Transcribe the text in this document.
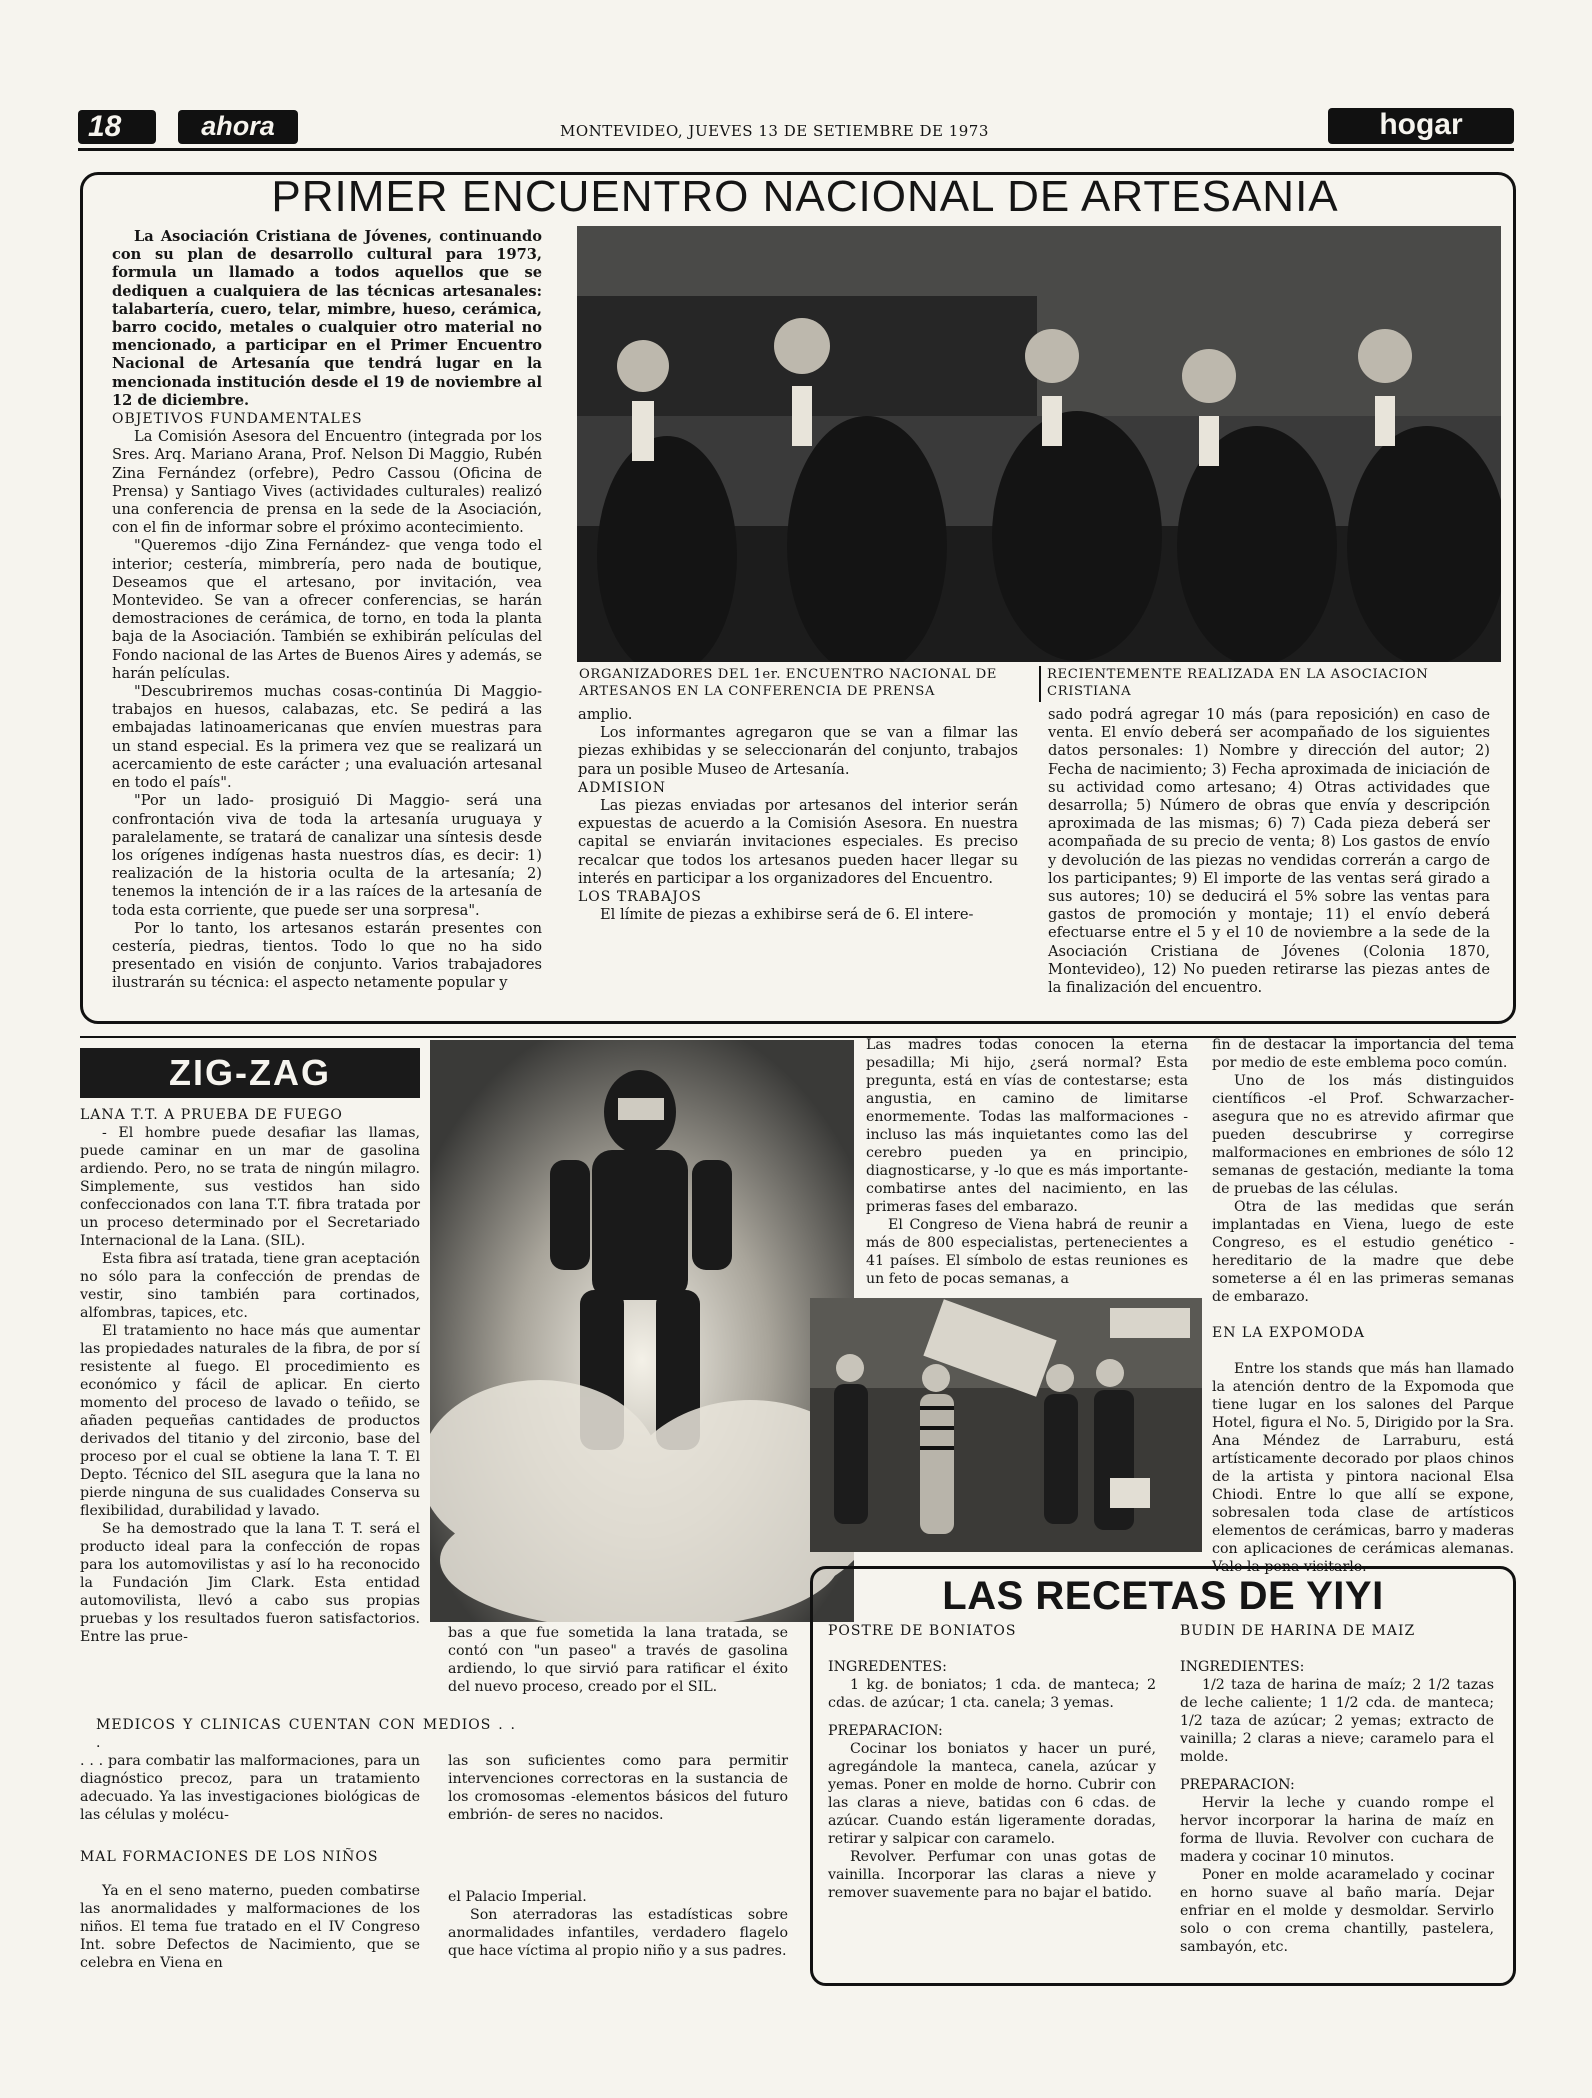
18	ahora	MONTEVIDEO, JUEVES 13 DE SETIEMBRE DE 1973	hogar
PRIMER ENCUENTRO NACIONAL DE ARTESANIA

La Asociación Cristiana de Jóvenes, continuando con su plan de desarrollo cultural para 1973, formula un llamado a todos aquellos que se dediquen a cualquiera de las técnicas artesanales: talabartería, cuero, telar, mimbre, hueso, cerámica, barro cocido, metales o cualquier otro material no mencionado, a participar en el Primer Encuentro Nacional de Artesanía que tendrá lugar en la mencionada institución desde el 19 de noviembre al 12 de diciembre.

OBJETIVOS FUNDAMENTALES

La Comisión Asesora del Encuentro (integrada por los Sres. Arq. Mariano Arana, Prof. Nelson Di Maggio, Rubén Zina Fernández (orfebre), Pedro Cassou (Oficina de Prensa) y Santiago Vives (actividades culturales) realizó una conferencia de prensa en la sede de la Asociación, con el fin de informar sobre el próximo acontecimiento.

"Queremos -dijo Zina Fernández- que venga todo el interior; cestería, mimbrería, pero nada de boutique, Deseamos que el artesano, por invitación, vea Montevideo. Se van a ofrecer conferencias, se harán demostraciones de cerámica, de torno, en toda la planta baja de la Asociación. También se exhibirán películas del Fondo nacional de las Artes de Buenos Aires y además, se harán películas.

"Descubriremos muchas cosas-continúa Di Maggio-trabajos en huesos, calabazas, etc. Se pedirá a las embajadas latinoamericanas que envíen muestras para un stand especial. Es la primera vez que se realizará un acercamiento de este carácter ; una evaluación artesanal en todo el país".

"Por un lado- prosiguió Di Maggio- será una confrontación viva de toda la artesanía uruguaya y paralelamente, se tratará de canalizar una síntesis desde los orígenes indígenas hasta nuestros días, es decir: 1) realización de la historia oculta de la artesanía; 2) tenemos la intención de ir a las raíces de la artesanía de toda esta corriente, que puede ser una sorpresa".

Por lo tanto, los artesanos estarán presentes con cestería, piedras, tientos. Todo lo que no ha sido presentado en visión de conjunto. Varios trabajadores ilustrarán su técnica: el aspecto netamente popular y

ORGANIZADORES DEL 1er. ENCUENTRO NACIONAL DE ARTESANOS EN LA CONFERENCIA DE PRENSA
RECIENTEMENTE REALIZADA EN LA ASOCIACION CRISTIANA

amplio.

Los informantes agregaron que se van a filmar las piezas exhibidas y se seleccionarán del conjunto, trabajos para un posible Museo de Artesanía.

ADMISION

Las piezas enviadas por artesanos del interior serán expuestas de acuerdo a la Comisión Asesora. En nuestra capital se enviarán invitaciones especiales. Es preciso recalcar que todos los artesanos pueden hacer llegar su interés en participar a los organizadores del Encuentro.

LOS TRABAJOS

El límite de piezas a exhibirse será de 6. El intere-

sado podrá agregar 10 más (para reposición) en caso de venta. El envío deberá ser acompañado de los siguientes datos personales: 1) Nombre y dirección del autor; 2) Fecha de nacimiento; 3) Fecha aproximada de iniciación de su actividad como artesano; 4) Otras actividades que desarrolla; 5) Número de obras que envía y descripción aproximada de las mismas; 6) 7) Cada pieza deberá ser acompañada de su precio de venta; 8) Los gastos de envío y devolución de las piezas no vendidas correrán a cargo de los participantes; 9) El importe de las ventas será girado a sus autores; 10) se deducirá el 5% sobre las ventas para gastos de promoción y montaje; 11) el envío deberá efectuarse entre el 5 y el 10 de noviembre a la sede de la Asociación Cristiana de Jóvenes (Colonia 1870, Montevideo), 12) No pueden retirarse las piezas antes de la finalización del encuentro.

ZIG-ZAG

LANA T.T. A PRUEBA DE FUEGO

- El hombre puede desafiar las llamas, puede caminar en un mar de gasolina ardiendo. Pero, no se trata de ningún milagro. Simplemente, sus vestidos han sido confeccionados con lana T.T. fibra tratada por un proceso determinado por el Secretariado Internacional de la Lana. (SIL).

Esta fibra así tratada, tiene gran aceptación no sólo para la confección de prendas de vestir, sino también para cortinados, alfombras, tapices, etc.

El tratamiento no hace más que aumentar las propiedades naturales de la fibra, de por sí resistente al fuego. El procedimiento es económico y fácil de aplicar. En cierto momento del proceso de lavado o teñido, se añaden pequeñas cantidades de productos derivados del titanio y del zirconio, base del proceso por el cual se obtiene la lana T. T. El Depto. Técnico del SIL asegura que la lana no pierde ninguna de sus cualidades Conserva su flexibilidad, durabilidad y lavado.

Se ha demostrado que la lana T. T. será el producto ideal para la confección de ropas para los automovilistas y así lo ha reconocido la Fundación Jim Clark. Esta entidad automovilista, llevó a cabo sus propias pruebas y los resultados fueron satisfactorios. Entre las prue-	bas a que fue sometida la lana tratada, se contó con "un paseo" a través de gasolina ardiendo, lo que sirvió para ratificar el éxito del nuevo proceso, creado por el SIL.

MEDICOS Y CLINICAS CUENTAN CON MEDIOS . . .

. . . para combatir las malformaciones, para un diagnóstico precoz, para un tratamiento adecuado. Ya las investigaciones biológicas de las células y molécu-

MAL FORMACIONES DE LOS NIÑOS

Ya en el seno materno, pueden combatirse las anormalidades y malformaciones de los niños. El tema fue tratado en el IV Congreso Int. sobre Defectos de Nacimiento, que se celebra en Viena en

las son suficientes como para permitir intervenciones correctoras en la sustancia de los cromosomas -elementos básicos del futuro embrión- de seres no nacidos.

el Palacio Imperial.

Son aterradoras las estadísticas sobre anormalidades infantiles, verdadero flagelo que hace víctima al propio niño y a sus padres.

Las madres todas conocen la eterna pesadilla; Mi hijo, ¿será normal? Esta pregunta, está en vías de contestarse; esta angustia, en camino de limitarse enormemente. Todas las malformaciones -incluso las más inquietantes como las del cerebro pueden ya en principio, diagnosticarse, y -lo que es más importante- combatirse antes del nacimiento, en las primeras fases del embarazo.

El Congreso de Viena habrá de reunir a más de 800 especialistas, pertenecientes a 41 países. El símbolo de estas reuniones es un feto de pocas semanas, a

fin de destacar la importancia del tema por medio de este emblema poco común.

Uno de los más distinguidos científicos -el Prof. Schwarzacher- asegura que no es atrevido afirmar que pueden descubrirse y corregirse malformaciones en embriones de sólo 12 semanas de gestación, mediante la toma de pruebas de las células.

Otra de las medidas que serán implantadas en Viena, luego de este Congreso, es el estudio genético -hereditario de la madre que debe someterse a él en las primeras semanas de embarazo.

EN LA EXPOMODA

Entre los stands que más han llamado la atención dentro de la Expomoda que tiene lugar en los salones del Parque Hotel, figura el No. 5, Dirigido por la Sra. Ana Méndez de Larraburu, está artísticamente decorado por plaos chinos de la artista y pintora nacional Elsa Chiodi. Entre lo que allí se expone, sobresalen toda clase de artísticos elementos de cerámicas, barro y maderas con aplicaciones de cerámicas alemanas. Vale la pena visitarlo.

LAS RECETAS DE YIYI

POSTRE DE BONIATOS

INGREDENTES:

1 kg. de boniatos; 1 cda. de manteca; 2 cdas. de azúcar; 1 cta. canela; 3 yemas.

PREPARACION:

Cocinar los boniatos y hacer un puré, agregándole la manteca, canela, azúcar y yemas. Poner en molde de horno. Cubrir con las claras a nieve, batidas con 6 cdas. de azúcar. Cuando están ligeramente doradas, retirar y salpicar con caramelo.

Revolver. Perfumar con unas gotas de vainilla. Incorporar las claras a nieve y remover suavemente para no bajar el batido.

BUDIN DE HARINA DE MAIZ

INGREDIENTES:

1/2 taza de harina de maíz; 2 1/2 tazas de leche caliente; 1 1/2 cda. de manteca; 1/2 taza de azúcar; 2 yemas; extracto de vainilla; 2 claras a nieve; caramelo para el molde.

PREPARACION:

Hervir la leche y cuando rompe el hervor incorporar la harina de maíz en forma de lluvia. Revolver con cuchara de madera y cocinar 10 minutos.

Poner en molde acaramelado y cocinar en horno suave al baño maría. Dejar enfriar en el molde y desmoldar. Servirlo solo o con crema chantilly, pastelera, sambayón, etc.
